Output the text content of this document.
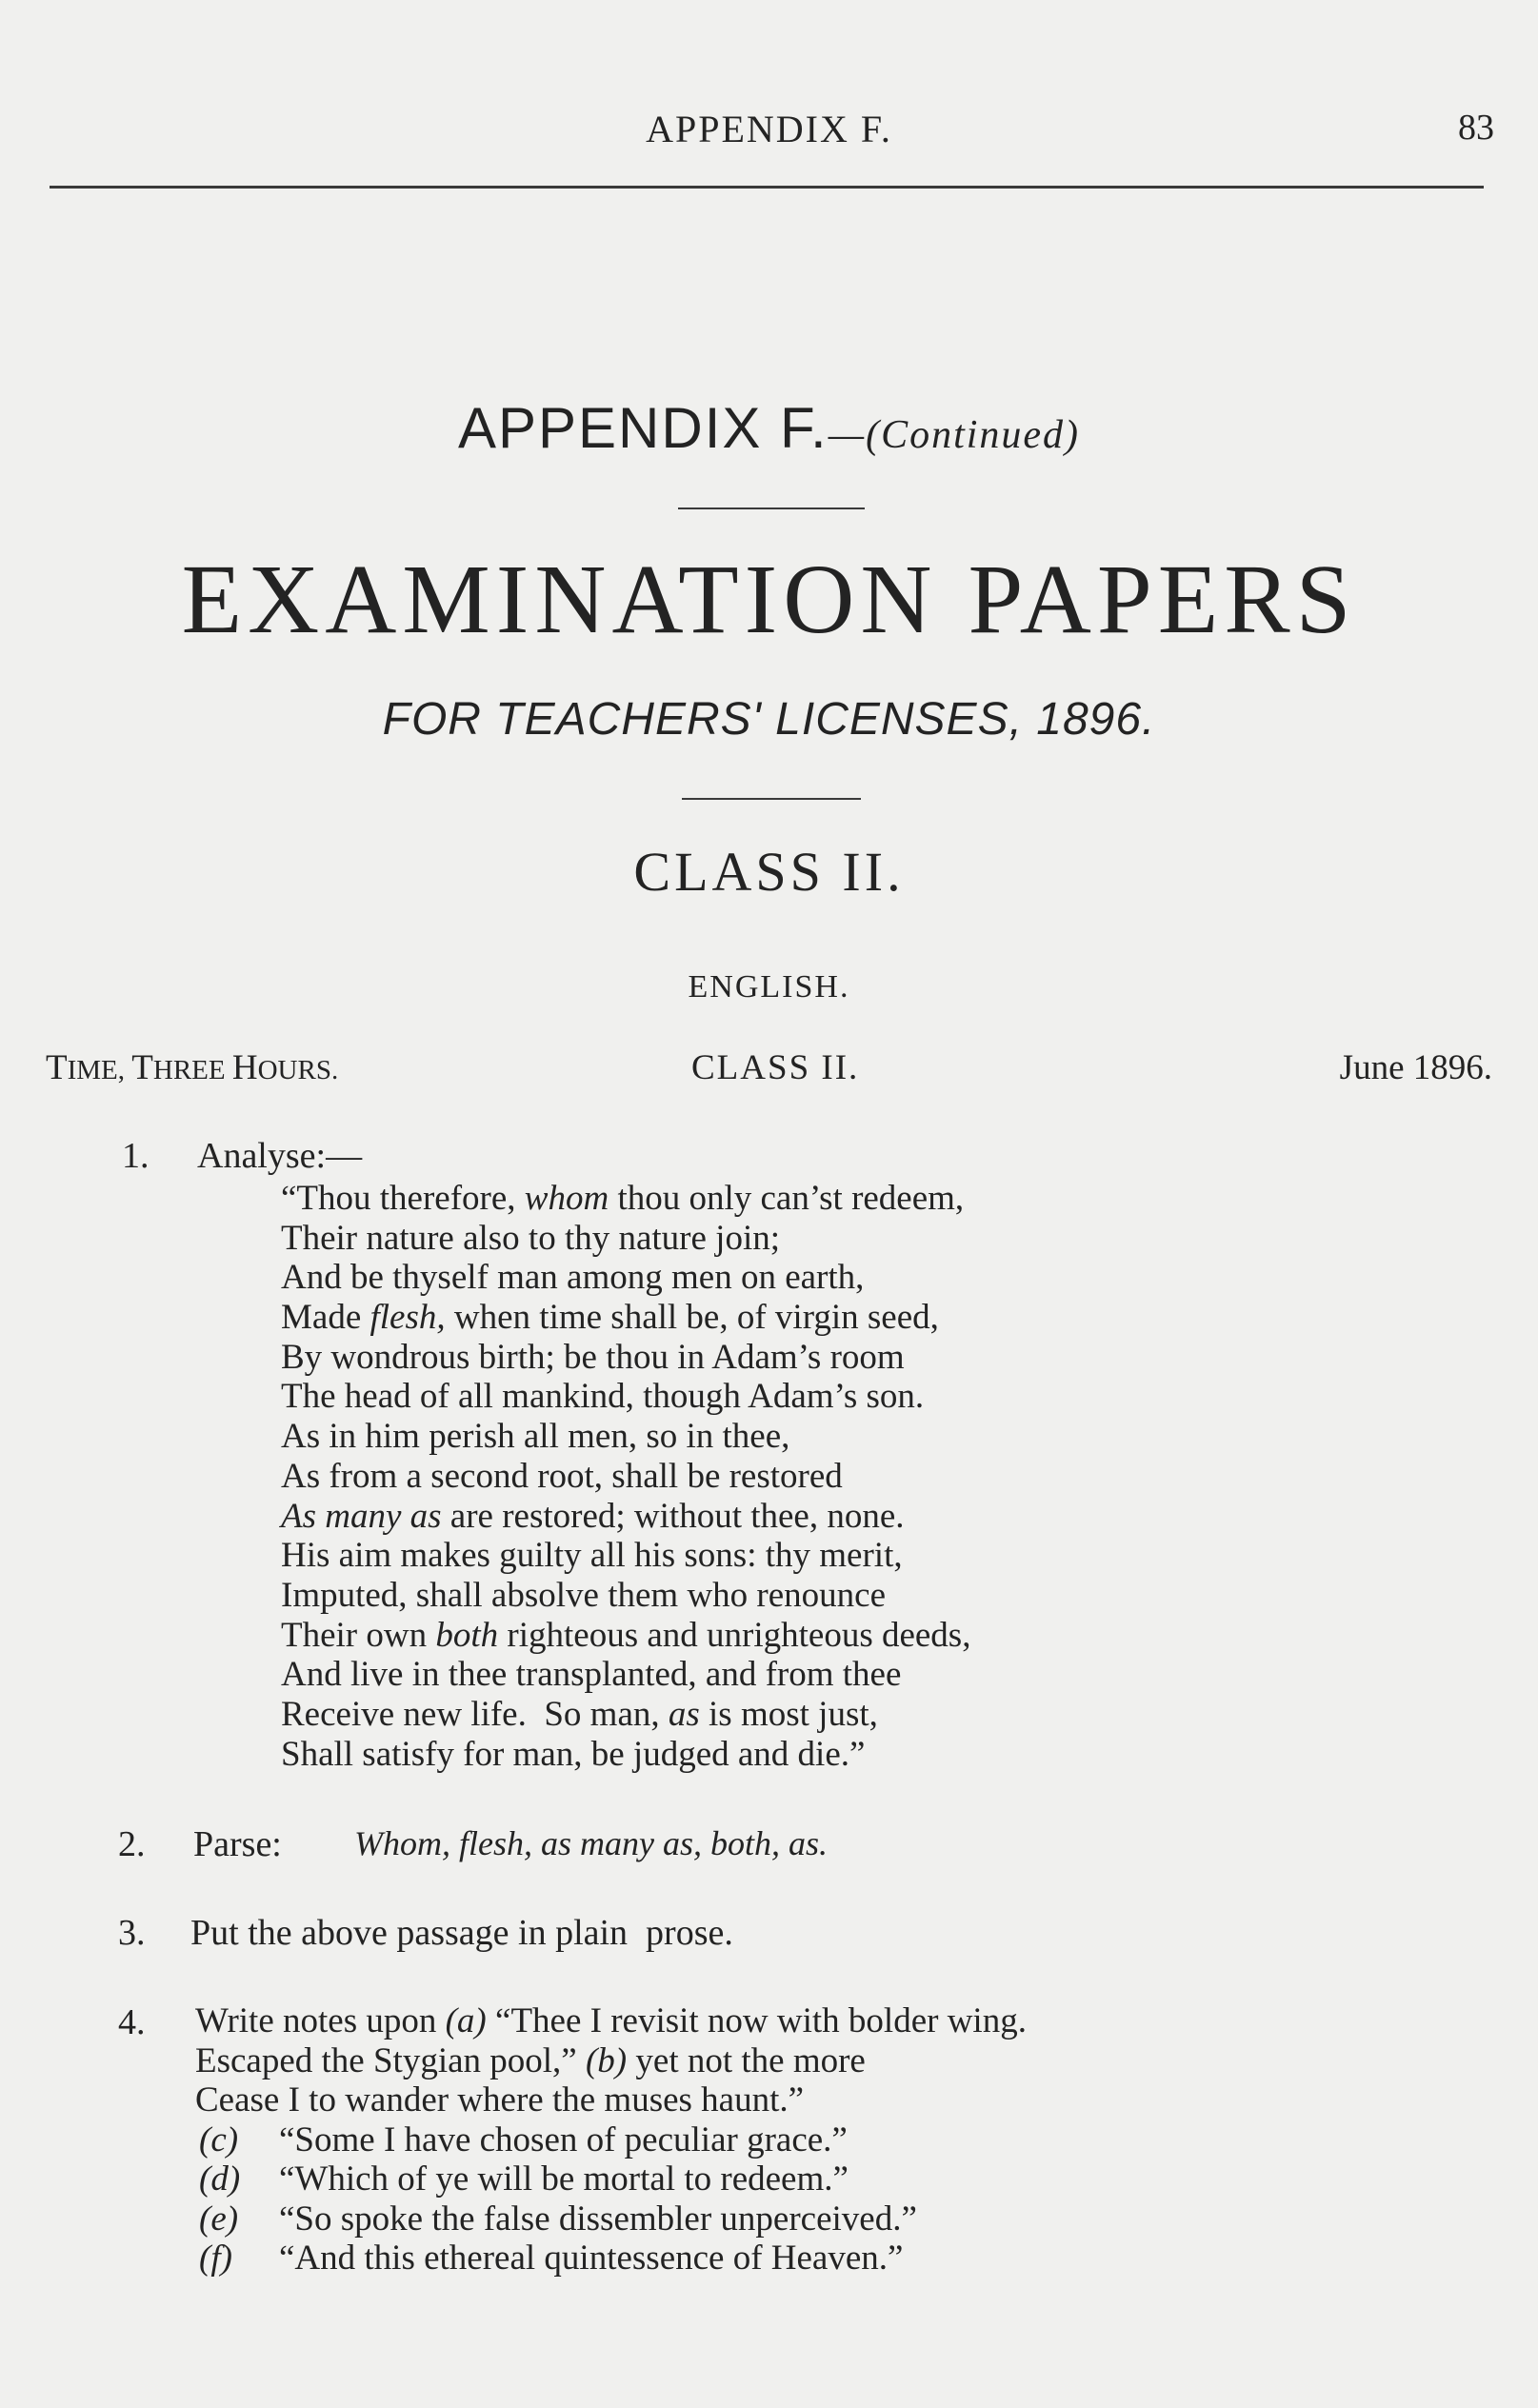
APPENDIX F.	83
APPENDIX F.—(Continued)
EXAMINATION PAPERS
FOR TEACHERS' LICENSES, 1896.
CLASS II.
ENGLISH.
TIME, THREE HOURS.	CLASS II.	June 1896.
1. Analyse:—
“Thou therefore, whom thou only can’st redeem,
Their nature also to thy nature join;
And be thyself man among men on earth,
Made flesh, when time shall be, of virgin seed,
By wondrous birth; be thou in Adam’s room
The head of all mankind, though Adam’s son.
As in him perish all men, so in thee,
As from a second root, shall be restored
As many as are restored; without thee, none.
His aim makes guilty all his sons: thy merit,
Imputed, shall absolve them who renounce
Their own both righteous and unrighteous deeds,
And live in thee transplanted, and from thee
Receive new life.  So man, as is most just,
Shall satisfy for man, be judged and die.”
2. Parse: Whom, flesh, as many as, both, as.
3. Put the above passage in plain  prose.
4. Write notes upon (a) “Thee I revisit now with bolder wing.
Escaped the Stygian pool,” (b) yet not the more
Cease I to wander where the muses haunt.”
(c) “Some I have chosen of peculiar grace.”
(d) “Which of ye will be mortal to redeem.”
(e) “So spoke the false dissembler unperceived.”
(f) “And this ethereal quintessence of Heaven.”
